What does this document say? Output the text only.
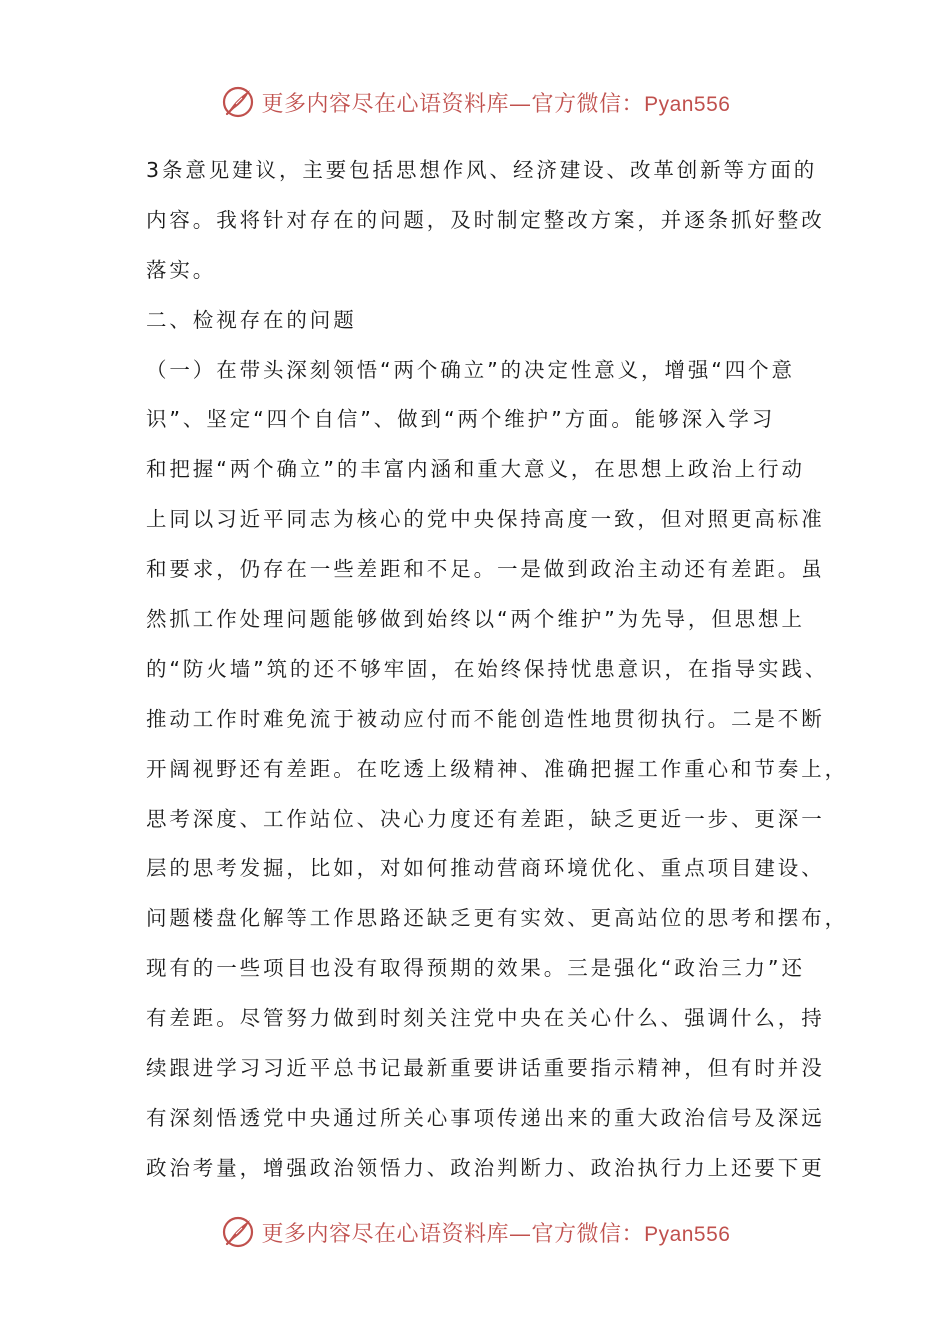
更多内容尽在心语资料库—官方微信：Pyan556
3条意见建议，主要包括思想作风、经济建设、改革创新等方面的
内容。我将针对存在的问题，及时制定整改方案，并逐条抓好整改
落实。
二、检视存在的问题
（一）在带头深刻领悟“两个确立”的决定性意义，增强“四个意
识”、坚定“四个自信”、做到“两个维护”方面。能够深入学习
和把握“两个确立”的丰富内涵和重大意义，在思想上政治上行动
上同以习近平同志为核心的党中央保持高度一致，但对照更高标准
和要求，仍存在一些差距和不足。一是做到政治主动还有差距。虽
然抓工作处理问题能够做到始终以“两个维护”为先导，但思想上
的“防火墙”筑的还不够牢固，在始终保持忧患意识，在指导实践、
推动工作时难免流于被动应付而不能创造性地贯彻执行。二是不断
开阔视野还有差距。在吃透上级精神、准确把握工作重心和节奏上，
思考深度、工作站位、决心力度还有差距，缺乏更近一步、更深一
层的思考发掘，比如，对如何推动营商环境优化、重点项目建设、
问题楼盘化解等工作思路还缺乏更有实效、更高站位的思考和摆布，
现有的一些项目也没有取得预期的效果。三是强化“政治三力”还
有差距。尽管努力做到时刻关注党中央在关心什么、强调什么，持
续跟进学习习近平总书记最新重要讲话重要指示精神，但有时并没
有深刻悟透党中央通过所关心事项传递出来的重大政治信号及深远
政治考量，增强政治领悟力、政治判断力、政治执行力上还要下更
更多内容尽在心语资料库—官方微信：Pyan556
